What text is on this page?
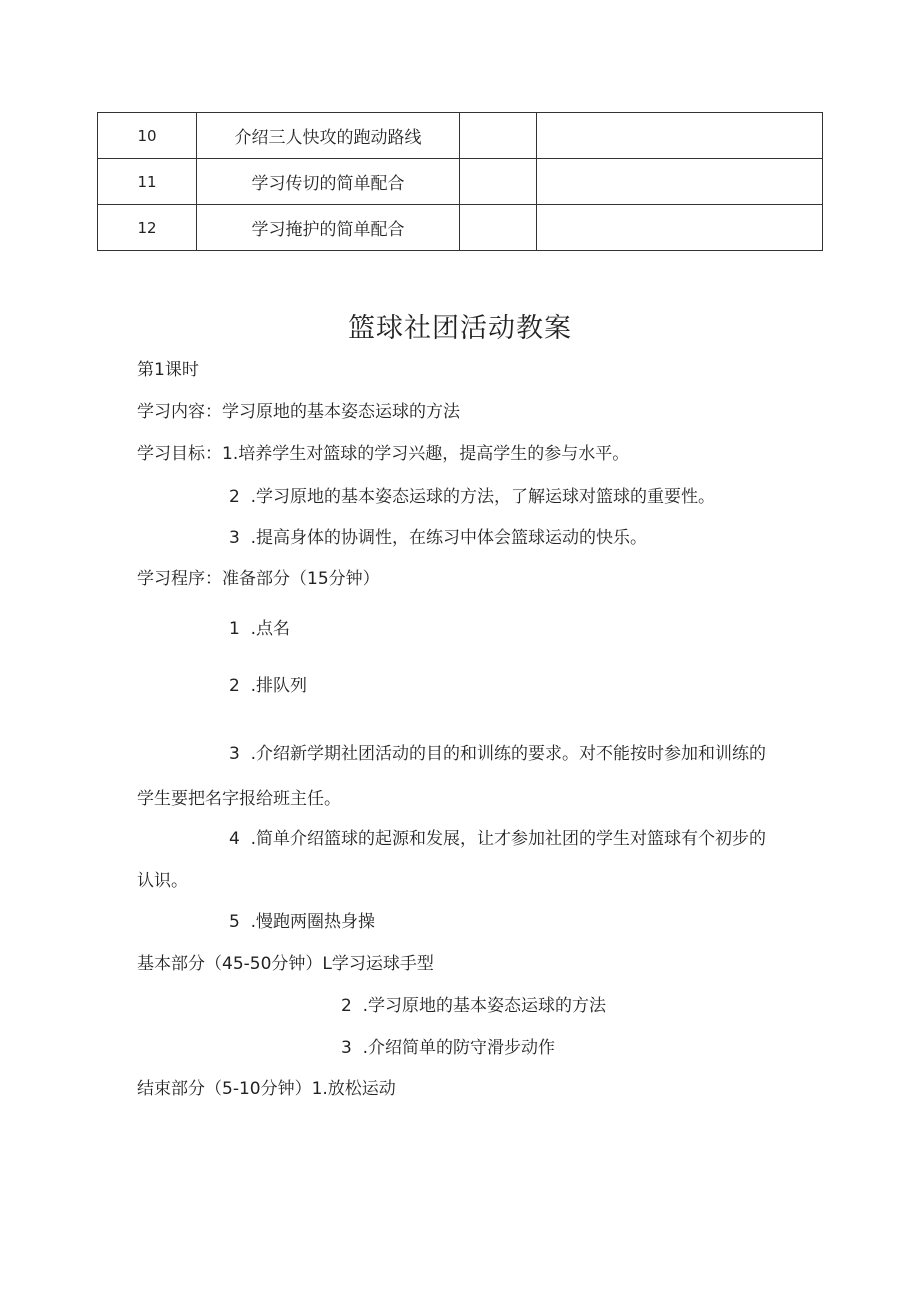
10	介绍三人快攻的跑动路线		
11	学习传切的简单配合		
12	学习掩护的简单配合		
篮球社团活动教案
第1课时
学习内容：学习原地的基本姿态运球的方法
学习目标：1.培养学生对篮球的学习兴趣，提高学生的参与水平。
2  .学习原地的基本姿态运球的方法，了解运球对篮球的重要性。
3  .提高身体的协调性，在练习中体会篮球运动的快乐。
学习程序：准备部分（15分钟）
1  .点名
2  .排队列
3  .介绍新学期社团活动的目的和训练的要求。对不能按时参加和训练的
学生要把名字报给班主任。
4  .简单介绍篮球的起源和发展，让才参加社团的学生对篮球有个初步的
认识。
5  .慢跑两圈热身操
基本部分（45-50分钟）L学习运球手型
2  .学习原地的基本姿态运球的方法
3  .介绍简单的防守滑步动作
结束部分（5-10分钟）1.放松运动
